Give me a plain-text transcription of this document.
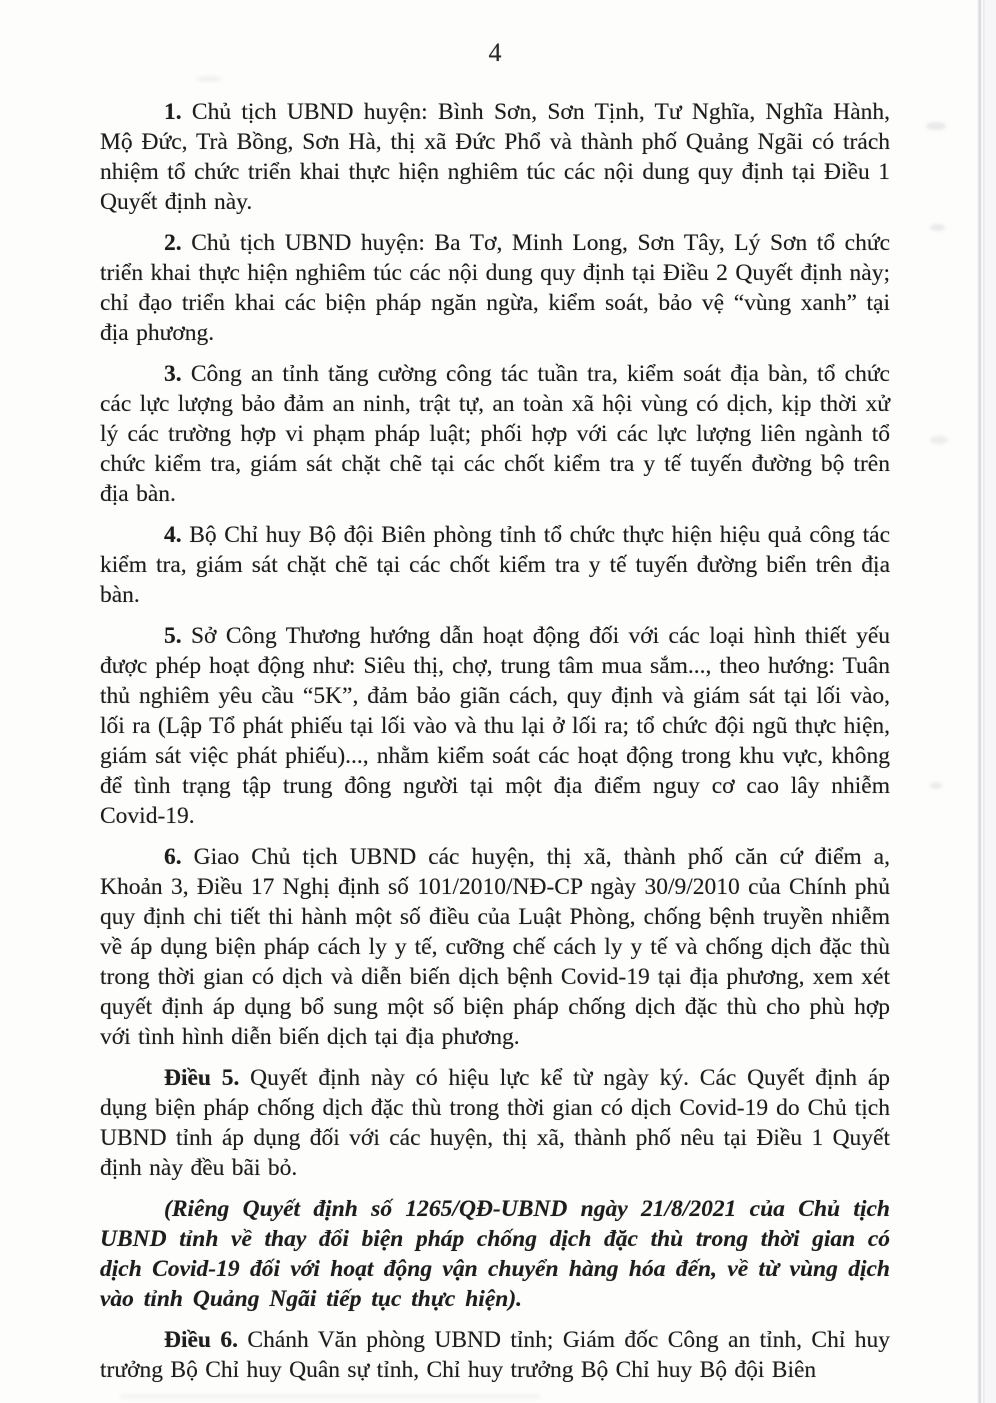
4

1. Chủ tịch UBND huyện: Bình Sơn, Sơn Tịnh, Tư Nghĩa, Nghĩa Hành, Mộ Đức, Trà Bồng, Sơn Hà, thị xã Đức Phổ và thành phố Quảng Ngãi có trách nhiệm tổ chức triển khai thực hiện nghiêm túc các nội dung quy định tại Điều 1 Quyết định này.

2. Chủ tịch UBND huyện: Ba Tơ, Minh Long, Sơn Tây, Lý Sơn tổ chức triển khai thực hiện nghiêm túc các nội dung quy định tại Điều 2 Quyết định này; chỉ đạo triển khai các biện pháp ngăn ngừa, kiểm soát, bảo vệ “vùng xanh” tại địa phương.

3. Công an tỉnh tăng cường công tác tuần tra, kiểm soát địa bàn, tổ chức các lực lượng bảo đảm an ninh, trật tự, an toàn xã hội vùng có dịch, kịp thời xử lý các trường hợp vi phạm pháp luật; phối hợp với các lực lượng liên ngành tổ chức kiểm tra, giám sát chặt chẽ tại các chốt kiểm tra y tế tuyến đường bộ trên địa bàn.

4. Bộ Chỉ huy Bộ đội Biên phòng tỉnh tổ chức thực hiện hiệu quả công tác kiểm tra, giám sát chặt chẽ tại các chốt kiểm tra y tế tuyến đường biển trên địa bàn.

5. Sở Công Thương hướng dẫn hoạt động đối với các loại hình thiết yếu được phép hoạt động như: Siêu thị, chợ, trung tâm mua sắm..., theo hướng: Tuân thủ nghiêm yêu cầu “5K”, đảm bảo giãn cách, quy định và giám sát tại lối vào, lối ra (Lập Tổ phát phiếu tại lối vào và thu lại ở lối ra; tổ chức đội ngũ thực hiện, giám sát việc phát phiếu)..., nhằm kiểm soát các hoạt động trong khu vực, không để tình trạng tập trung đông người tại một địa điểm nguy cơ cao lây nhiễm Covid-19.

6. Giao Chủ tịch UBND các huyện, thị xã, thành phố căn cứ điểm a, Khoản 3, Điều 17 Nghị định số 101/2010/NĐ-CP ngày 30/9/2010 của Chính phủ quy định chi tiết thi hành một số điều của Luật Phòng, chống bệnh truyền nhiễm về áp dụng biện pháp cách ly y tế, cưỡng chế cách ly y tế và chống dịch đặc thù trong thời gian có dịch và diễn biến dịch bệnh Covid-19 tại địa phương, xem xét quyết định áp dụng bổ sung một số biện pháp chống dịch đặc thù cho phù hợp với tình hình diễn biến dịch tại địa phương.

Điều 5. Quyết định này có hiệu lực kể từ ngày ký. Các Quyết định áp dụng biện pháp chống dịch đặc thù trong thời gian có dịch Covid-19 do Chủ tịch UBND tỉnh áp dụng đối với các huyện, thị xã, thành phố nêu tại Điều 1 Quyết định này đều bãi bỏ.

(Riêng Quyết định số 1265/QĐ-UBND ngày 21/8/2021 của Chủ tịch UBND tỉnh về thay đổi biện pháp chống dịch đặc thù trong thời gian có dịch Covid-19 đối với hoạt động vận chuyển hàng hóa đến, về từ vùng dịch vào tỉnh Quảng Ngãi tiếp tục thực hiện).

Điều 6. Chánh Văn phòng UBND tỉnh; Giám đốc Công an tỉnh, Chỉ huy trưởng Bộ Chỉ huy Quân sự tỉnh, Chỉ huy trưởng Bộ Chỉ huy Bộ đội Biên
